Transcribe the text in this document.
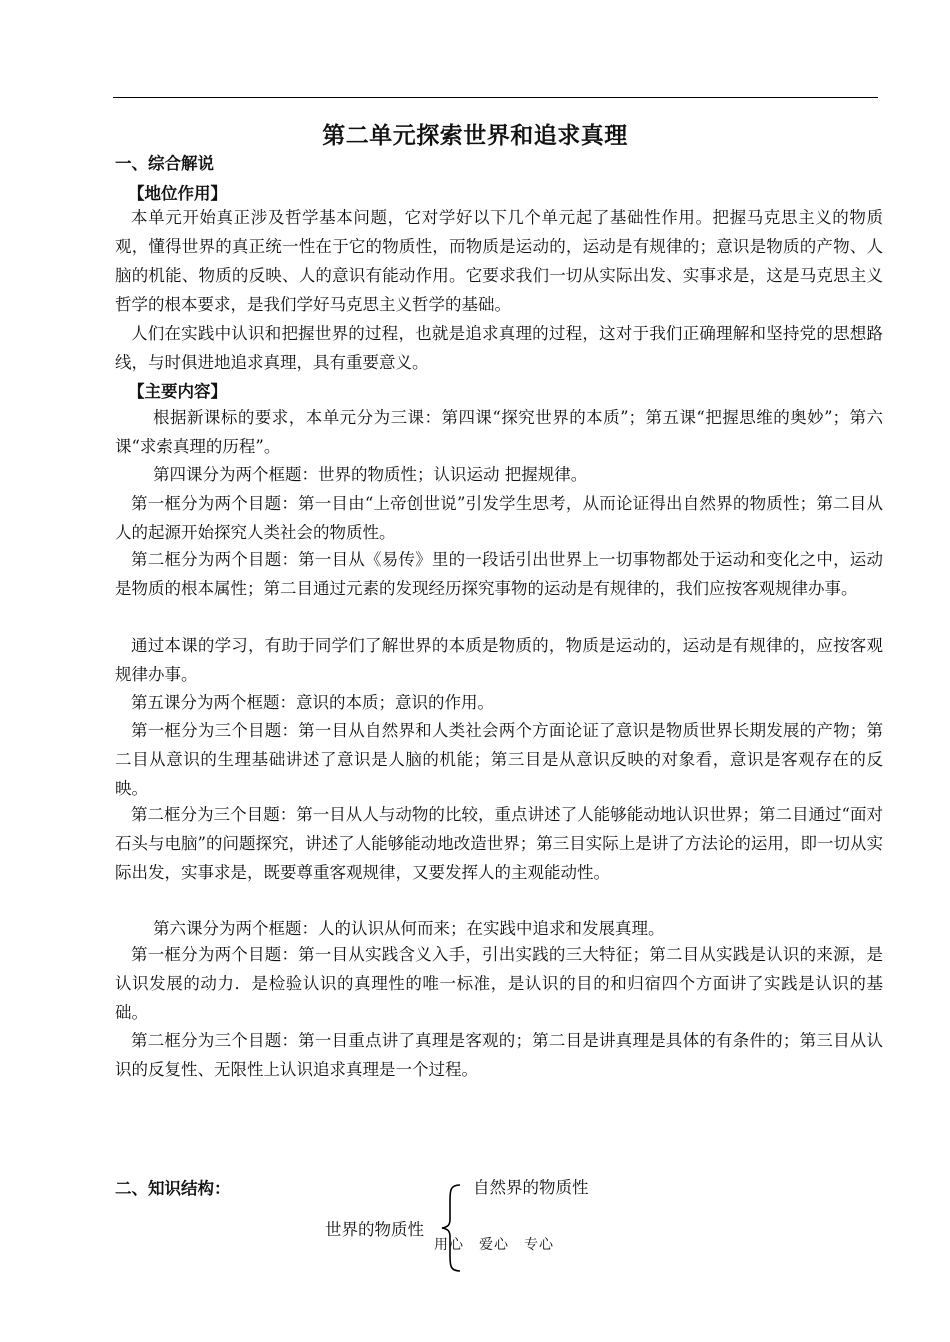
第二单元探索世界和追求真理
一、综合解说
【地位作用】
本单元开始真正涉及哲学基本问题，它对学好以下几个单元起了基础性作用。把握马克思主义的物质观，懂得世界的真正统一性在于它的物质性，而物质是运动的，运动是有规律的；意识是物质的产物、人脑的机能、物质的反映、人的意识有能动作用。它要求我们一切从实际出发、实事求是，这是马克思主义哲学的根本要求，是我们学好马克思主义哲学的基础。
人们在实践中认识和把握世界的过程，也就是追求真理的过程，这对于我们正确理解和坚持党的思想路线，与时俱进地追求真理，具有重要意义。
【主要内容】
根据新课标的要求，本单元分为三课：第四课“探究世界的本质”；第五课“把握思维的奥妙”；第六课“求索真理的历程”。
第四课分为两个框题：世界的物质性；认识运动 把握规律。
第一框分为两个目题：第一目由“上帝创世说”引发学生思考，从而论证得出自然界的物质性；第二目从人的起源开始探究人类社会的物质性。
第二框分为两个目题：第一目从《易传》里的一段话引出世界上一切事物都处于运动和变化之中，运动是物质的根本属性；第二目通过元素的发现经历探究事物的运动是有规律的，我们应按客观规律办事。
通过本课的学习，有助于同学们了解世界的本质是物质的，物质是运动的，运动是有规律的，应按客观规律办事。
第五课分为两个框题：意识的本质；意识的作用。
第一框分为三个目题：第一目从自然界和人类社会两个方面论证了意识是物质世界长期发展的产物；第二目从意识的生理基础讲述了意识是人脑的机能；第三目是从意识反映的对象看，意识是客观存在的反映。
第二框分为三个目题：第一目从人与动物的比较，重点讲述了人能够能动地认识世界；第二目通过“面对石头与电脑”的问题探究，讲述了人能够能动地改造世界；第三目实际上是讲了方法论的运用，即一切从实际出发，实事求是，既要尊重客观规律，又要发挥人的主观能动性。
第六课分为两个框题：人的认识从何而来；在实践中追求和发展真理。
第一框分为两个目题：第一目从实践含义入手，引出实践的三大特征；第二目从实践是认识的来源，是认识发展的动力．是检验认识的真理性的唯一标准，是认识的目的和归宿四个方面讲了实践是认识的基础。
第二框分为三个目题：第一目重点讲了真理是客观的；第二目是讲真理是具体的有条件的；第三目从认识的反复性、无限性上认识追求真理是一个过程。
二、知识结构：
世界的物质性
自然界的物质性
用心　爱心　专心
